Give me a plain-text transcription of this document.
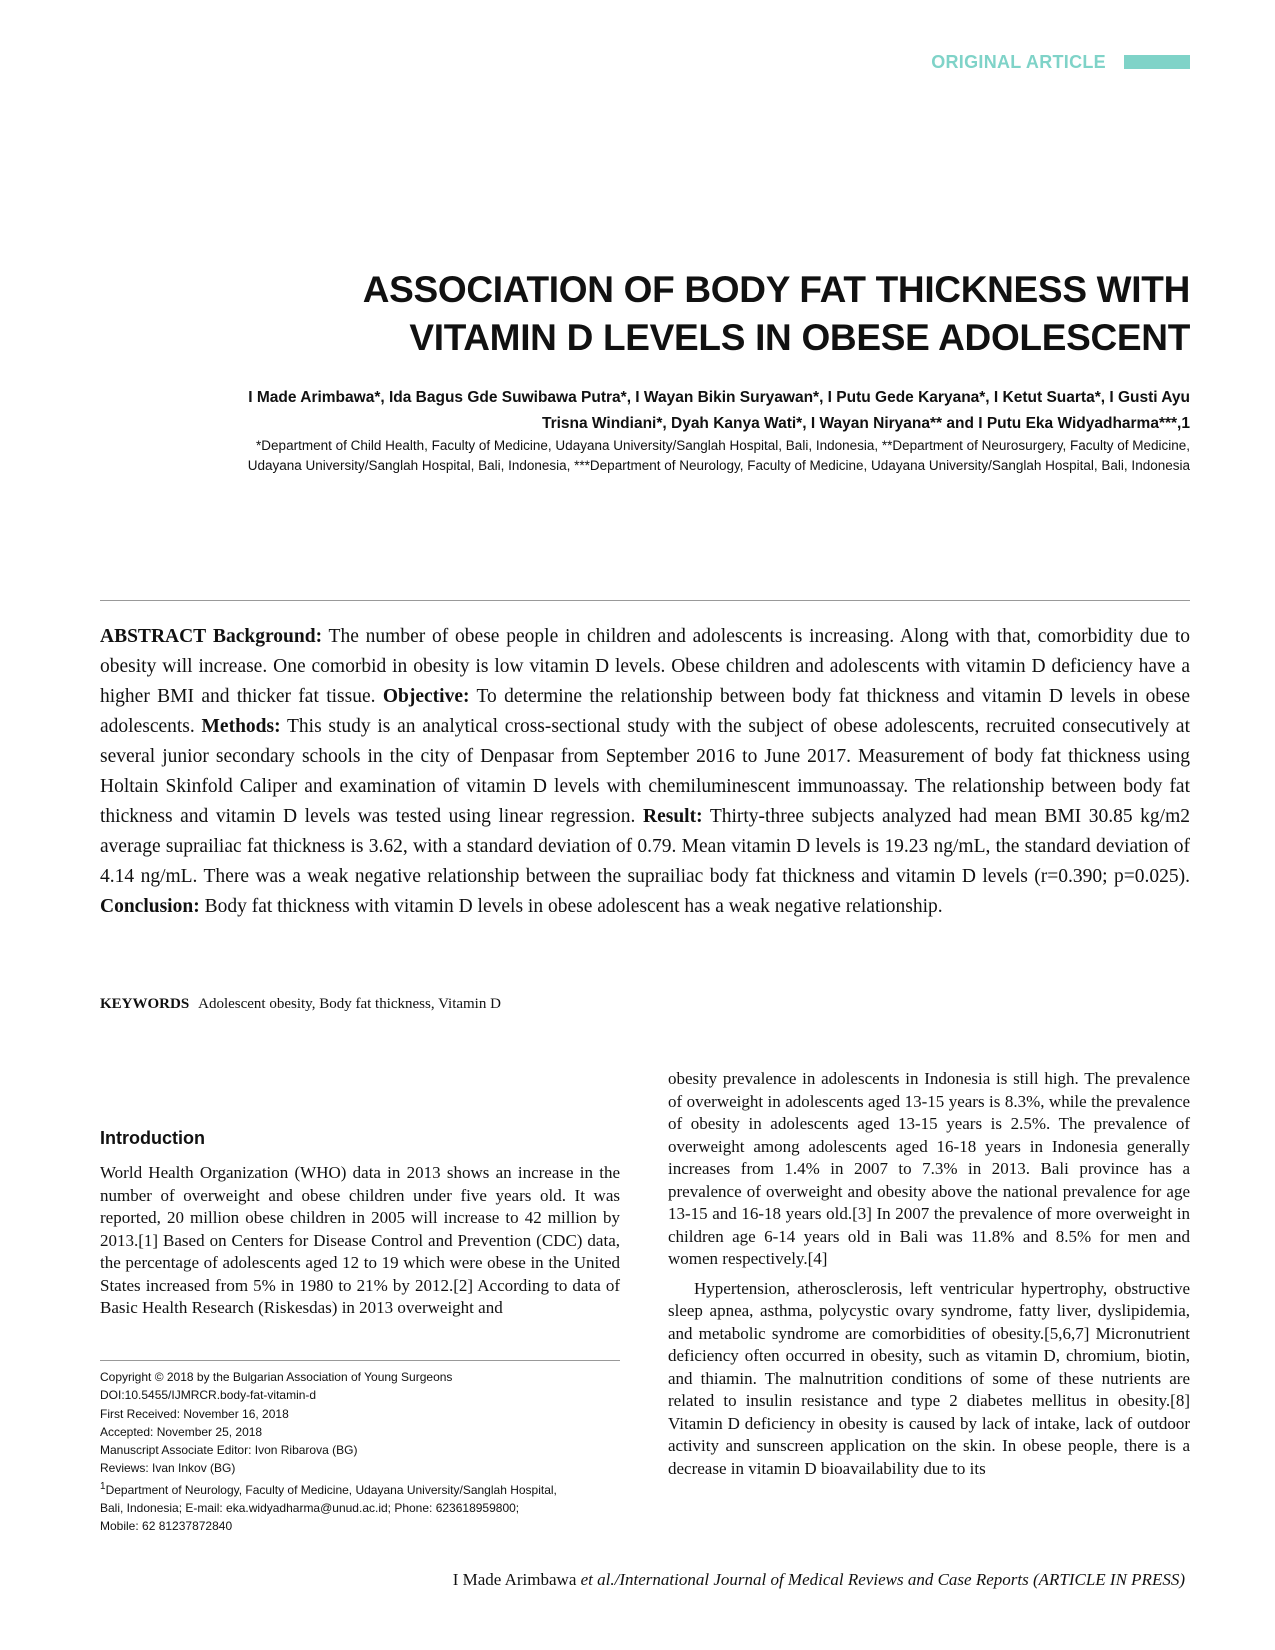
ORIGINAL ARTICLE
ASSOCIATION OF BODY FAT THICKNESS WITH
VITAMIN D LEVELS IN OBESE ADOLESCENT
I Made Arimbawa*, Ida Bagus Gde Suwibawa Putra*, I Wayan Bikin Suryawan*, I Putu Gede Karyana*, I Ketut Suarta*, I Gusti Ayu
Trisna Windiani*, Dyah Kanya Wati*, I Wayan Niryana** and I Putu Eka Widyadharma***,1
*Department of Child Health, Faculty of Medicine, Udayana University/Sanglah Hospital, Bali, Indonesia, **Department of Neurosurgery, Faculty of Medicine,
Udayana University/Sanglah Hospital, Bali, Indonesia, ***Department of Neurology, Faculty of Medicine, Udayana University/Sanglah Hospital, Bali, Indonesia
ABSTRACT Background: The number of obese people in children and adolescents is increasing. Along with that, comorbidity due to obesity will increase. One comorbid in obesity is low vitamin D levels. Obese children and adolescents with vitamin D deficiency have a higher BMI and thicker fat tissue. Objective: To determine the relationship between body fat thickness and vitamin D levels in obese adolescents. Methods: This study is an analytical cross-sectional study with the subject of obese adolescents, recruited consecutively at several junior secondary schools in the city of Denpasar from September 2016 to June 2017. Measurement of body fat thickness using Holtain Skinfold Caliper and examination of vitamin D levels with chemiluminescent immunoassay. The relationship between body fat thickness and vitamin D levels was tested using linear regression. Result: Thirty-three subjects analyzed had mean BMI 30.85 kg/m2 average suprailiac fat thickness is 3.62, with a standard deviation of 0.79. Mean vitamin D levels is 19.23 ng/mL, the standard deviation of 4.14 ng/mL. There was a weak negative relationship between the suprailiac body fat thickness and vitamin D levels (r=0.390; p=0.025). Conclusion: Body fat thickness with vitamin D levels in obese adolescent has a weak negative relationship.
KEYWORDS Adolescent obesity, Body fat thickness, Vitamin D
Introduction
World Health Organization (WHO) data in 2013 shows an increase in the number of overweight and obese children under five years old. It was reported, 20 million obese children in 2005 will increase to 42 million by 2013.[1] Based on Centers for Disease Control and Prevention (CDC) data, the percentage of adolescents aged 12 to 19 which were obese in the United States increased from 5% in 1980 to 21% by 2012.[2] According to data of Basic Health Research (Riskesdas) in 2013 overweight and
Copyright © 2018 by the Bulgarian Association of Young Surgeons
DOI:10.5455/IJMRCR.body-fat-vitamin-d
First Received: November 16, 2018
Accepted: November 25, 2018
Manuscript Associate Editor: Ivon Ribarova (BG)
Reviews: Ivan Inkov (BG)
$^1$Department of Neurology, Faculty of Medicine, Udayana University/Sanglah Hospital,
Bali, Indonesia; E-mail: eka.widyadharma@unud.ac.id; Phone: 623618959800;
Mobile: 62 81237872840

obesity prevalence in adolescents in Indonesia is still high. The prevalence of overweight in adolescents aged 13-15 years is 8.3%, while the prevalence of obesity in adolescents aged 13-15 years is 2.5%. The prevalence of overweight among adolescents aged 16-18 years in Indonesia generally increases from 1.4% in 2007 to 7.3% in 2013. Bali province has a prevalence of overweight and obesity above the national prevalence for age 13-15 and 16-18 years old.[3] In 2007 the prevalence of more overweight in children age 6-14 years old in Bali was 11.8% and 8.5% for men and women respectively.[4]

Hypertension, atherosclerosis, left ventricular hypertrophy, obstructive sleep apnea, asthma, polycystic ovary syndrome, fatty liver, dyslipidemia, and metabolic syndrome are comorbidities of obesity.[5,6,7] Micronutrient deficiency often occurred in obesity, such as vitamin D, chromium, biotin, and thiamin. The malnutrition conditions of some of these nutrients are related to insulin resistance and type 2 diabetes mellitus in obesity.[8] Vitamin D deficiency in obesity is caused by lack of intake, lack of outdoor activity and sunscreen application on the skin. In obese people, there is a decrease in vitamin D bioavailability due to its

I Made Arimbawa et al./International Journal of Medical Reviews and Case Reports (ARTICLE IN PRESS)
